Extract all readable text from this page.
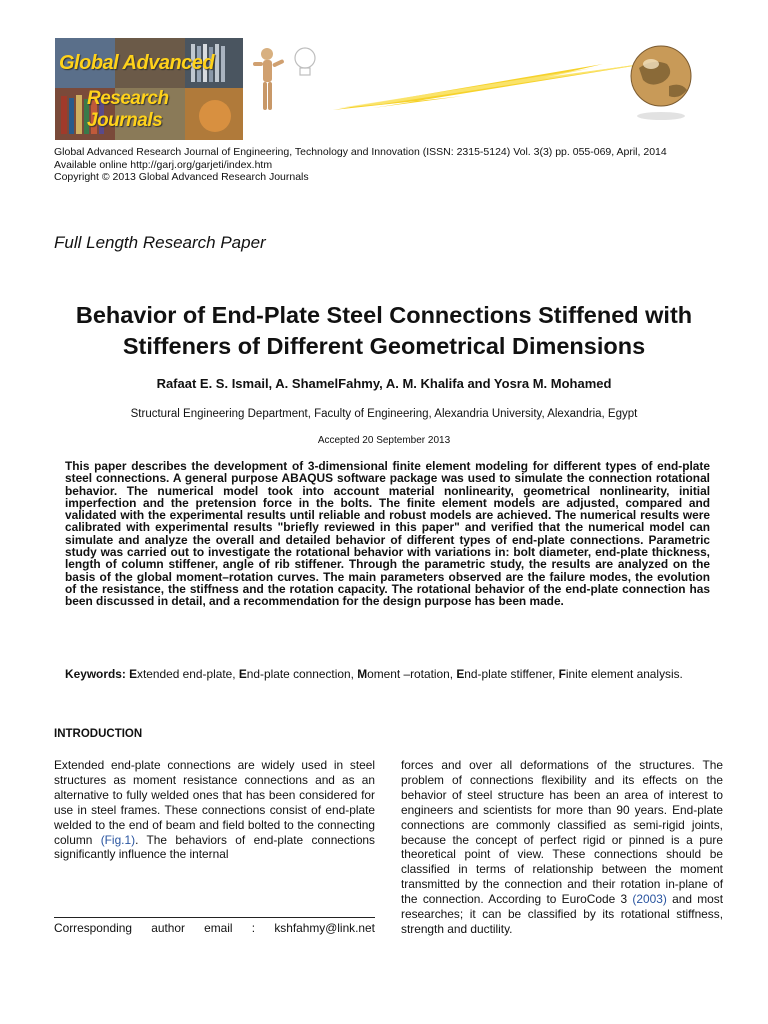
Global Advanced
Research Journals
Global Advanced Research Journal of Engineering, Technology and Innovation (ISSN: 2315-5124) Vol. 3(3) pp. 055-069, April, 2014
Available online http://garj.org/garjeti/index.htm
Copyright © 2013 Global Advanced Research Journals
Full Length Research Paper
Behavior of End-Plate Steel Connections Stiffened with
Stiffeners of Different Geometrical Dimensions
Rafaat E. S. Ismail, A. ShamelFahmy, A. M. Khalifa and Yosra M. Mohamed
Structural Engineering Department, Faculty of Engineering, Alexandria University, Alexandria, Egypt
Accepted 20 September 2013
This paper describes the development of 3-dimensional finite element modeling for different types of end-plate steel connections. A general purpose ABAQUS software package was used to simulate the connection rotational behavior. The numerical model took into account material nonlinearity, geometrical nonlinearity, initial imperfection and the pretension force in the bolts. The finite element models are adjusted, compared and validated with the experimental results until reliable and robust models are achieved. The numerical results were calibrated with experimental results "briefly reviewed in this paper" and verified that the numerical model can simulate and analyze the overall and detailed behavior of different types of end-plate connections. Parametric study was carried out to investigate the rotational behavior with variations in: bolt diameter, end-plate thickness, length of column stiffener, angle of rib stiffener. Through the parametric study, the results are analyzed on the basis of the global moment–rotation curves. The main parameters observed are the failure modes, the evolution of the resistance, the stiffness and the rotation capacity. The rotational behavior of the end-plate connection has been discussed in detail, and a recommendation for the design purpose has been made.
Keywords: Extended end-plate, End-plate connection, Moment –rotation, End-plate stiffener, Finite element analysis.
INTRODUCTION
Extended end-plate connections are widely used in steel structures as moment resistance connections and as an alternative to fully welded ones that has been considered for use in steel frames. These connections consist of end-plate welded to the end of beam and field bolted to the connecting column (Fig.1). The behaviors of end-plate connections significantly influence the internal
forces and over all deformations of the structures. The problem of connections flexibility and its effects on the behavior of steel structure has been an area of interest to engineers and scientists for more than 90 years. End-plate connections are commonly classified as semi-rigid joints, because the concept of perfect rigid or pinned is a pure theoretical point of view. These connections should be classified in terms of relationship between the moment transmitted by the connection and their rotation in-plane of the connection. According to EuroCode 3 (2003) and most researches; it can be classified by its rotational stiffness, strength and ductility.
Corresponding author email : kshfahmy@link.net
